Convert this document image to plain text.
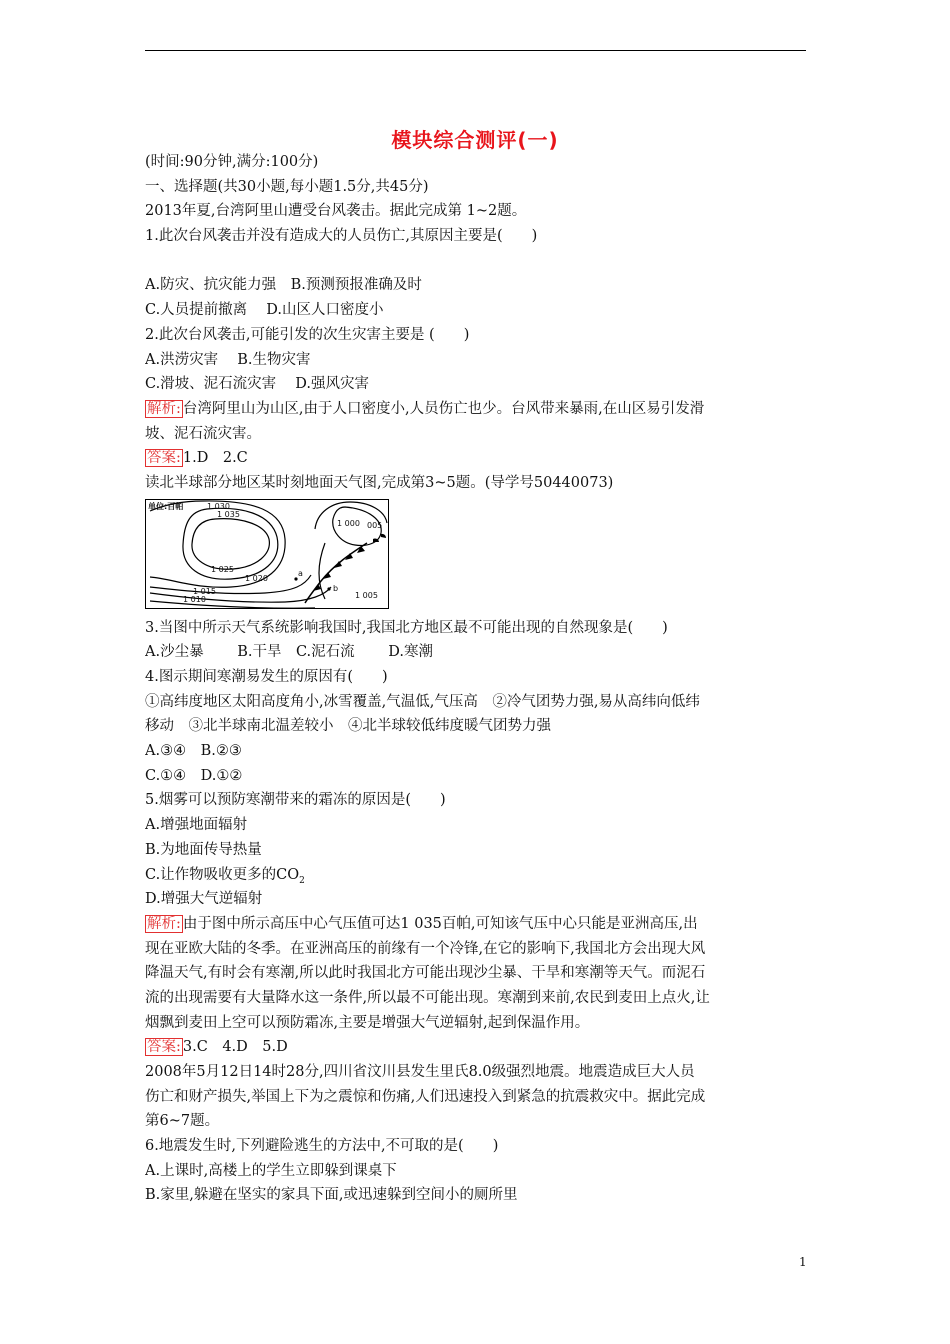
模块综合测评(一)
(时间:90分钟,满分:100分)
一、选择题(共30小题,每小题1.5分,共45分)
2013年夏,台湾阿里山遭受台风袭击。据此完成第 1~2题。
1.此次台风袭击并没有造成大的人员伤亡,其原因主要是(　　)
A.防灾、抗灾能力强　B.预测预报准确及时
C.人员提前撤离　 D.山区人口密度小
2.此次台风袭击,可能引发的次生灾害主要是 (　　)
A.洪涝灾害　 B.生物灾害
C.滑坡、泥石流灾害　 D.强风灾害
解析: 台湾阿里山为山区,由于人口密度小,人员伤亡也少。台风带来暴雨,在山区易引发滑
坡、泥石流灾害。
答案: 1.D　2.C
读北半球部分地区某时刻地面天气图,完成第3~5题。(导学号50440073)
单位:百帕	1 030
1 035
1 025
1 020
1 015
1 010
1 000 005
1 005
a
b
3.当图中所示天气系统影响我国时,我国北方地区最不可能出现的自然现象是(　　)
A.沙尘暴　　 B.干旱　C.泥石流　　 D.寒潮
4.图示期间寒潮易发生的原因有(　　)
①高纬度地区太阳高度角小,冰雪覆盖,气温低,气压高　②冷气团势力强,易从高纬向低纬
移动　③北半球南北温差较小　④北半球较低纬度暖气团势力强
A.③④　B.②③
C.①④　D.①②
5.烟雾可以预防寒潮带来的霜冻的原因是(　　)
A.增强地面辐射
B.为地面传导热量
C.让作物吸收更多的$CO_2$
D.增强大气逆辐射
解析: 由于图中所示高压中心气压值可达1 035百帕,可知该气压中心只能是亚洲高压,出
现在亚欧大陆的冬季。在亚洲高压的前缘有一个冷锋,在它的影响下,我国北方会出现大风
降温天气,有时会有寒潮,所以此时我国北方可能出现沙尘暴、干旱和寒潮等天气。而泥石
流的出现需要有大量降水这一条件,所以最不可能出现。寒潮到来前,农民到麦田上点火,让
烟飘到麦田上空可以预防霜冻,主要是增强大气逆辐射,起到保温作用。
答案: 3.C　4.D　5.D
2008年5月12日14时28分,四川省汶川县发生里氏8.0级强烈地震。地震造成巨大人员
伤亡和财产损失,举国上下为之震惊和伤痛,人们迅速投入到紧急的抗震救灾中。据此完成
第6~7题。
6.地震发生时,下列避险逃生的方法中,不可取的是(　　)
A.上课时,高楼上的学生立即躲到课桌下
B.家里,躲避在坚实的家具下面,或迅速躲到空间小的厕所里
1
